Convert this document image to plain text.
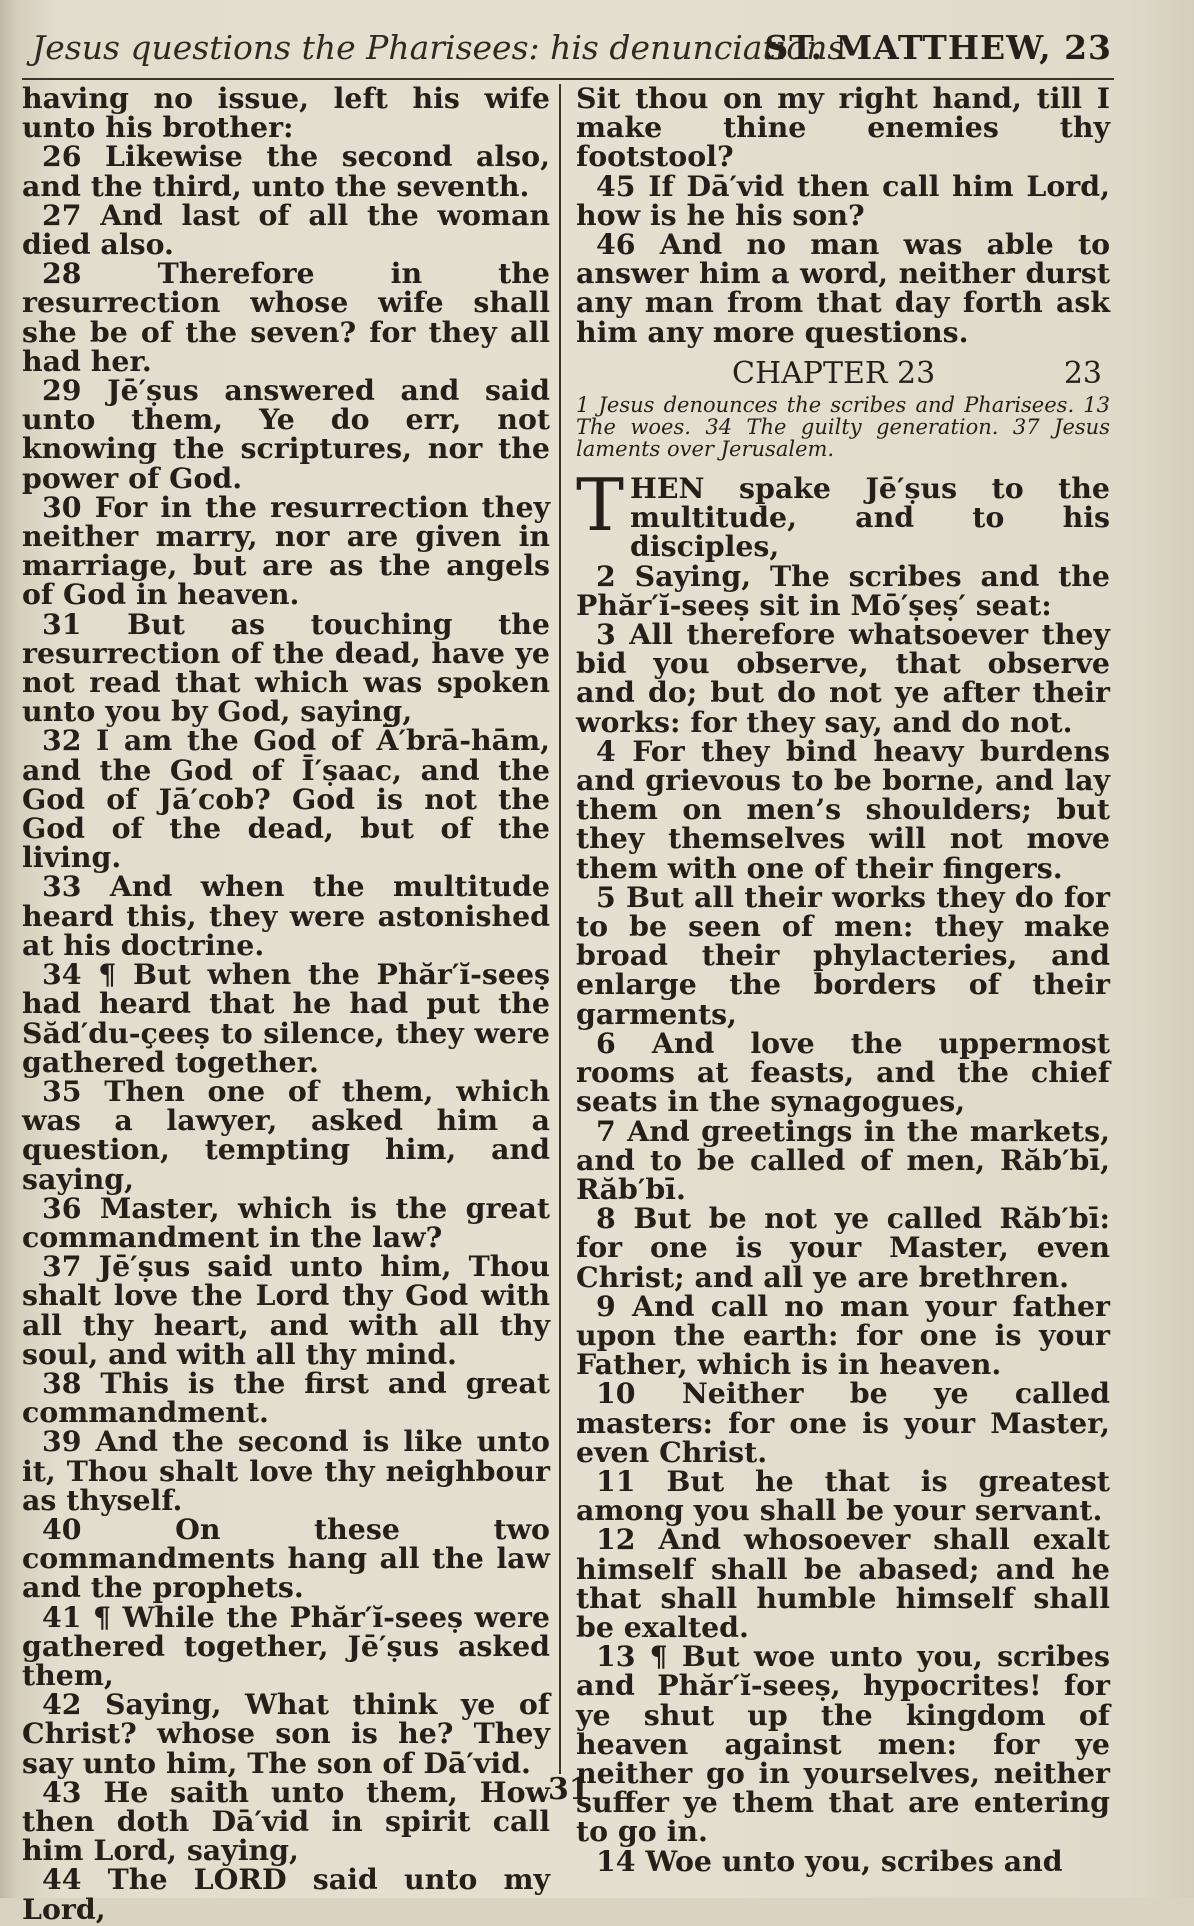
Jesus questions the Pharisees: his denunciations
ST. MATTHEW, 23

having no issue, left his wife unto his brother:

26 Likewise the second also, and the third, unto the seventh.

27 And last of all the woman died also.

28 Therefore in the resurrection whose wife shall she be of the seven? for they all had her.

29 Jē′ṣus answered and said unto them, Ye do err, not knowing the scriptures, nor the power of God.

30 For in the resurrection they neither marry, nor are given in marriage, but are as the angels of God in heaven.

31 But as touching the resurrection of the dead, have ye not read that which was spoken unto you by God, saying,

32 I am the God of Ā′brā-hām, and the God of Ī′ṣaac, and the God of Jā′cob? God is not the God of the dead, but of the living.

33 And when the multitude heard this, they were astonished at his doctrine.

34 ¶ But when the Phăr′ĭ-seeṣ had heard that he had put the Săd′du-çeeṣ to silence, they were gathered together.

35 Then one of them, which was a lawyer, asked him a question, tempting him, and saying,

36 Master, which is the great commandment in the law?

37 Jē′ṣus said unto him, Thou shalt love the Lord thy God with all thy heart, and with all thy soul, and with all thy mind.

38 This is the first and great commandment.

39 And the second is like unto it, Thou shalt love thy neighbour as thyself.

40 On these two commandments hang all the law and the prophets.

41 ¶ While the Phăr′ĭ-seeṣ were gathered together, Jē′ṣus asked them,

42 Saying, What think ye of Christ? whose son is he? They say unto him, The son of Dā′vid.

43 He saith unto them, How then doth Dā′vid in spirit call him Lord, saying,

44 The LORD said unto my Lord,

Sit thou on my right hand, till I make thine enemies thy footstool?

45 If Dā′vid then call him Lord, how is he his son?

46 And no man was able to answer him a word, neither durst any man from that day forth ask him any more questions.

CHAPTER 23	23
1 Jesus denounces the scribes and Pharisees. 13 The woes. 34 The guilty generation. 37 Jesus laments over Jerusalem.

THEN spake Jē′ṣus to the multitude, and to his disciples,

2 Saying, The scribes and the Phăr′ĭ-seeṣ sit in Mō′ṣeṣ′ seat:

3 All therefore whatsoever they bid you observe, that observe and do; but do not ye after their works: for they say, and do not.

4 For they bind heavy burdens and grievous to be borne, and lay them on men’s shoulders; but they themselves will not move them with one of their fingers.

5 But all their works they do for to be seen of men: they make broad their phylacteries, and enlarge the borders of their garments,

6 And love the uppermost rooms at feasts, and the chief seats in the synagogues,

7 And greetings in the markets, and to be called of men, Răb′bī, Răb′bī.

8 But be not ye called Răb′bī: for one is your Master, even Christ; and all ye are brethren.

9 And call no man your father upon the earth: for one is your Father, which is in heaven.

10 Neither be ye called masters: for one is your Master, even Christ.

11 But he that is greatest among you shall be your servant.

12 And whosoever shall exalt himself shall be abased; and he that shall humble himself shall be exalted.

13 ¶ But woe unto you, scribes and Phăr′ĭ-seeṣ, hypocrites! for ye shut up the kingdom of heaven against men: for ye neither go in yourselves, neither suffer ye them that are entering to go in.

14 Woe unto you, scribes and

31
